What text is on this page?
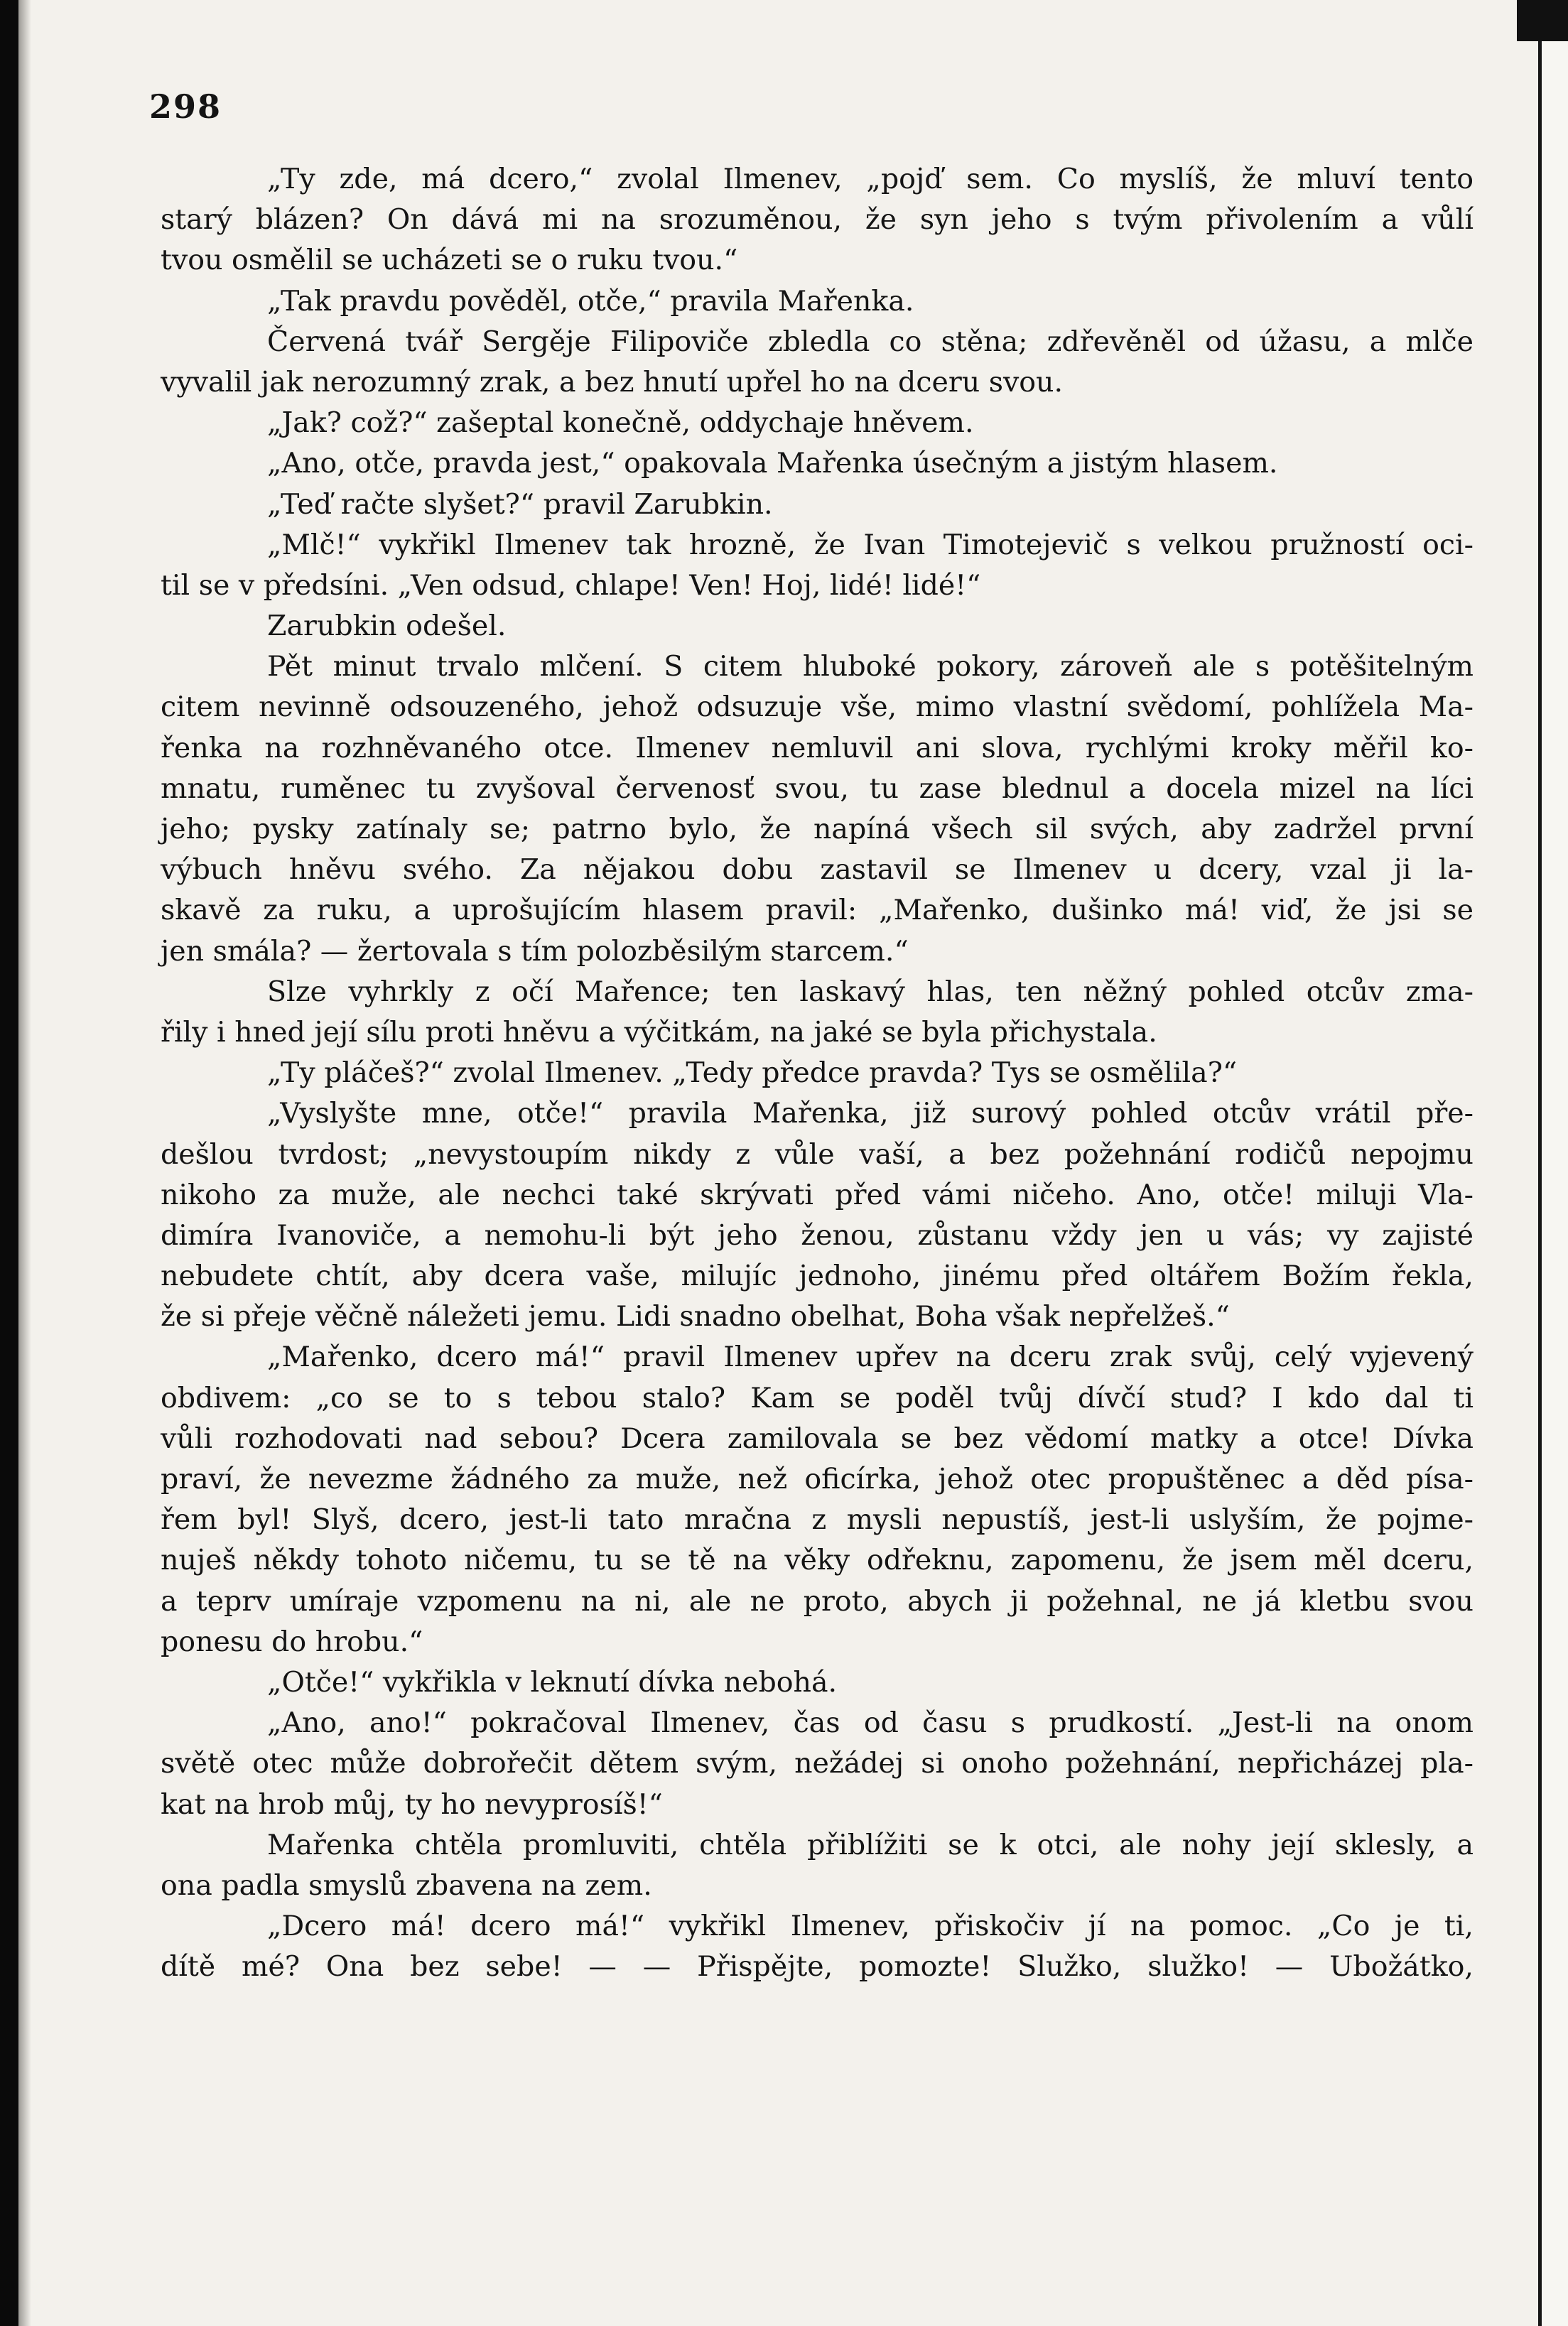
298
„Ty zde, má dcero,“ zvolal Ilmenev, „pojď sem. Co myslíš, že mluví tento
starý blázen? On dává mi na srozuměnou, že syn jeho s tvým přivolením a vůlí
tvou osmělil se ucházeti se o ruku tvou.“
„Tak pravdu pověděl, otče,“ pravila Mařenka.
Červená tvář Sergěje Filipoviče zbledla co stěna; zdřevěněl od úžasu, a mlče
vyvalil jak nerozumný zrak, a bez hnutí upřel ho na dceru svou.
„Jak? což?“ zašeptal konečně, oddychaje hněvem.
„Ano, otče, pravda jest,“ opakovala Mařenka úsečným a jistým hlasem.
„Teď račte slyšet?“ pravil Zarubkin.
„Mlč!“ vykřikl Ilmenev tak hrozně, že Ivan Timotejevič s velkou pružností oci-
til se v předsíni. „Ven odsud, chlape! Ven! Hoj, lidé! lidé!“
Zarubkin odešel.
Pět minut trvalo mlčení. S citem hluboké pokory, zároveň ale s potěšitelným
citem nevinně odsouzeného, jehož odsuzuje vše, mimo vlastní svědomí, pohlížela Ma-
řenka na rozhněvaného otce. Ilmenev nemluvil ani slova, rychlými kroky měřil ko-
mnatu, ruměnec tu zvyšoval červenosť svou, tu zase blednul a docela mizel na líci
jeho; pysky zatínaly se; patrno bylo, že napíná všech sil svých, aby zadržel první
výbuch hněvu svého. Za nějakou dobu zastavil se Ilmenev u dcery, vzal ji la-
skavě za ruku, a uprošujícím hlasem pravil: „Mařenko, dušinko má! viď, že jsi se
jen smála? — žertovala s tím polozběsilým starcem.“
Slze vyhrkly z očí Mařence; ten laskavý hlas, ten něžný pohled otcův zma-
řily i hned její sílu proti hněvu a výčitkám, na jaké se byla přichystala.
„Ty pláčeš?“ zvolal Ilmenev. „Tedy předce pravda? Tys se osmělila?“
„Vyslyšte mne, otče!“ pravila Mařenka, již surový pohled otcův vrátil pře-
dešlou tvrdost; „nevystoupím nikdy z vůle vaší, a bez požehnání rodičů nepojmu
nikoho za muže, ale nechci také skrývati před vámi ničeho. Ano, otče! miluji Vla-
dimíra Ivanoviče, a nemohu-li být jeho ženou, zůstanu vždy jen u vás; vy zajisté
nebudete chtít, aby dcera vaše, milujíc jednoho, jinému před oltářem Božím řekla,
že si přeje věčně náležeti jemu. Lidi snadno obelhat, Boha však nepřelžeš.“
„Mařenko, dcero má!“ pravil Ilmenev upřev na dceru zrak svůj, celý vyjevený
obdivem: „co se to s tebou stalo? Kam se poděl tvůj dívčí stud? I kdo dal ti
vůli rozhodovati nad sebou? Dcera zamilovala se bez vědomí matky a otce! Dívka
praví, že nevezme žádného za muže, než oficírka, jehož otec propuštěnec a děd písa-
řem byl! Slyš, dcero, jest-li tato mračna z mysli nepustíš, jest-li uslyším, že pojme-
nuješ někdy tohoto ničemu, tu se tě na věky odřeknu, zapomenu, že jsem měl dceru,
a teprv umíraje vzpomenu na ni, ale ne proto, abych ji požehnal, ne já kletbu svou
ponesu do hrobu.“
„Otče!“ vykřikla v leknutí dívka nebohá.
„Ano, ano!“ pokračoval Ilmenev, čas od času s prudkostí. „Jest-li na onom
světě otec může dobrořečit dětem svým, nežádej si onoho požehnání, nepřicházej pla-
kat na hrob můj, ty ho nevyprosíš!“
Mařenka chtěla promluviti, chtěla přiblížiti se k otci, ale nohy její sklesly, a
ona padla smyslů zbavena na zem.
„Dcero má! dcero má!“ vykřikl Ilmenev, přiskočiv jí na pomoc. „Co je ti,
dítě mé? Ona bez sebe! — — Přispějte, pomozte! Služko, služko! — Ubožátko,
